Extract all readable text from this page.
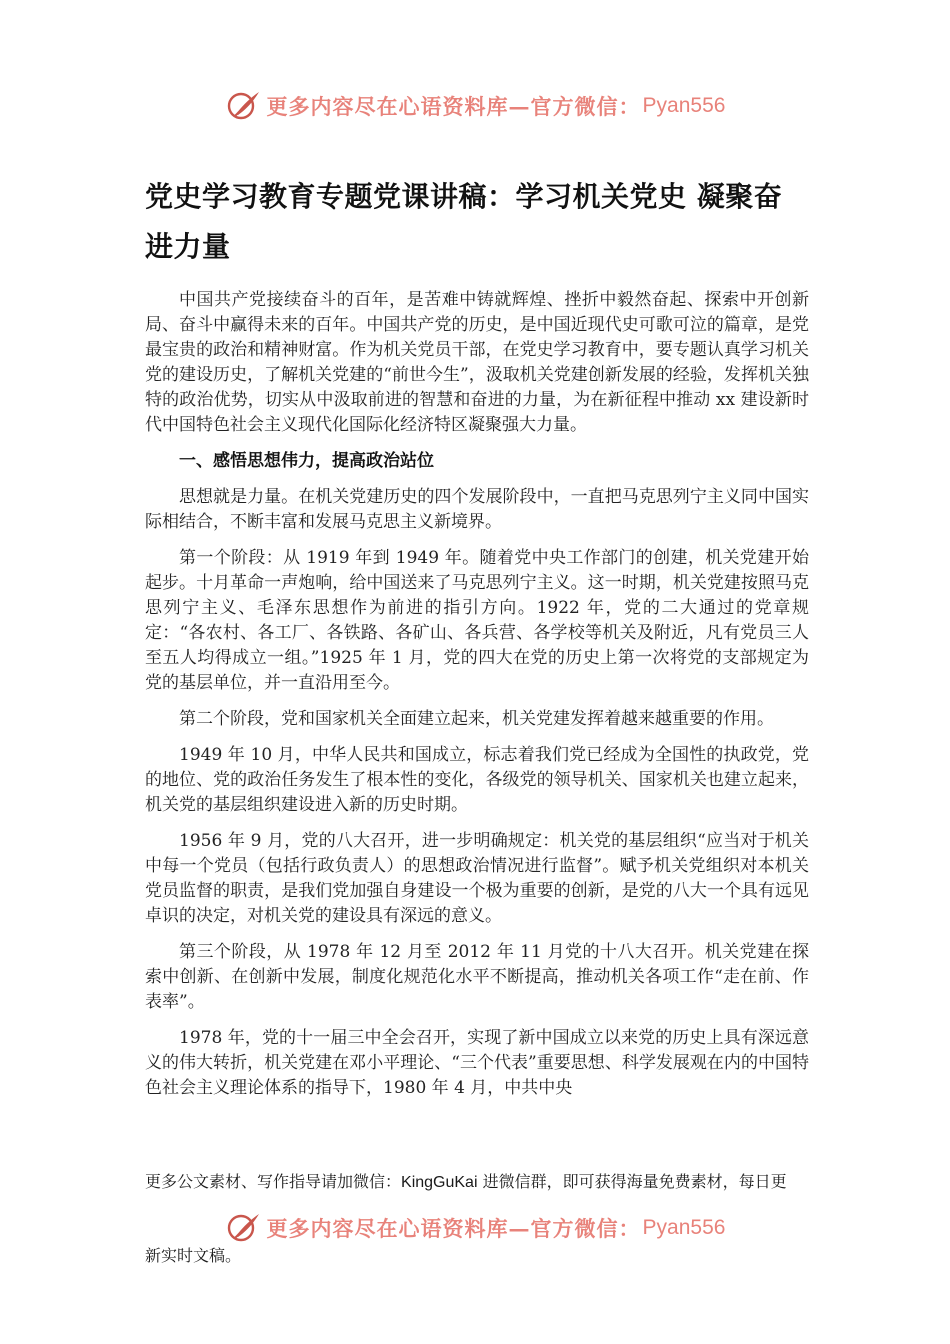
更多内容尽在心语资料库—官方微信： Pyan556
党史学习教育专题党课讲稿：学习机关党史 凝聚奋进力量

中国共产党接续奋斗的百年，是苦难中铸就辉煌、挫折中毅然奋起、探索中开创新局、奋斗中赢得未来的百年。中国共产党的历史，是中国近现代史可歌可泣的篇章，是党最宝贵的政治和精神财富。作为机关党员干部，在党史学习教育中，要专题认真学习机关党的建设历史，了解机关党建的“前世今生”，汲取机关党建创新发展的经验，发挥机关独特的政治优势，切实从中汲取前进的智慧和奋进的力量，为在新征程中推动 xx 建设新时代中国特色社会主义现代化国际化经济特区凝聚强大力量。

一、感悟思想伟力，提高政治站位

思想就是力量。在机关党建历史的四个发展阶段中，一直把马克思列宁主义同中国实际相结合，不断丰富和发展马克思主义新境界。

第一个阶段：从 1919 年到 1949 年。随着党中央工作部门的创建，机关党建开始起步。十月革命一声炮响，给中国送来了马克思列宁主义。这一时期，机关党建按照马克思列宁主义、毛泽东思想作为前进的指引方向。1922 年，党的二大通过的党章规定：“各农村、各工厂、各铁路、各矿山、各兵营、各学校等机关及附近，凡有党员三人至五人均得成立一组。”1925 年 1 月，党的四大在党的历史上第一次将党的支部规定为党的基层单位，并一直沿用至今。

第二个阶段，党和国家机关全面建立起来，机关党建发挥着越来越重要的作用。

1949 年 10 月，中华人民共和国成立，标志着我们党已经成为全国性的执政党，党的地位、党的政治任务发生了根本性的变化，各级党的领导机关、国家机关也建立起来，机关党的基层组织建设进入新的历史时期。

1956 年 9 月，党的八大召开，进一步明确规定：机关党的基层组织“应当对于机关中每一个党员（包括行政负责人）的思想政治情况进行监督”。赋予机关党组织对本机关党员监督的职责，是我们党加强自身建设一个极为重要的创新，是党的八大一个具有远见卓识的决定，对机关党的建设具有深远的意义。

第三个阶段，从 1978 年 12 月至 2012 年 11 月党的十八大召开。机关党建在探索中创新、在创新中发展，制度化规范化水平不断提高，推动机关各项工作“走在前、作表率”。

1978 年，党的十一届三中全会召开，实现了新中国成立以来党的历史上具有深远意义的伟大转折，机关党建在邓小平理论、“三个代表”重要思想、科学发展观在内的中国特色社会主义理论体系的指导下，1980 年 4 月，中共中央

更多公文素材、写作指导请加微信：KingGuKai 进微信群，即可获得海量免费素材，每日更
更多内容尽在心语资料库—官方微信： Pyan556
新实时文稿。
